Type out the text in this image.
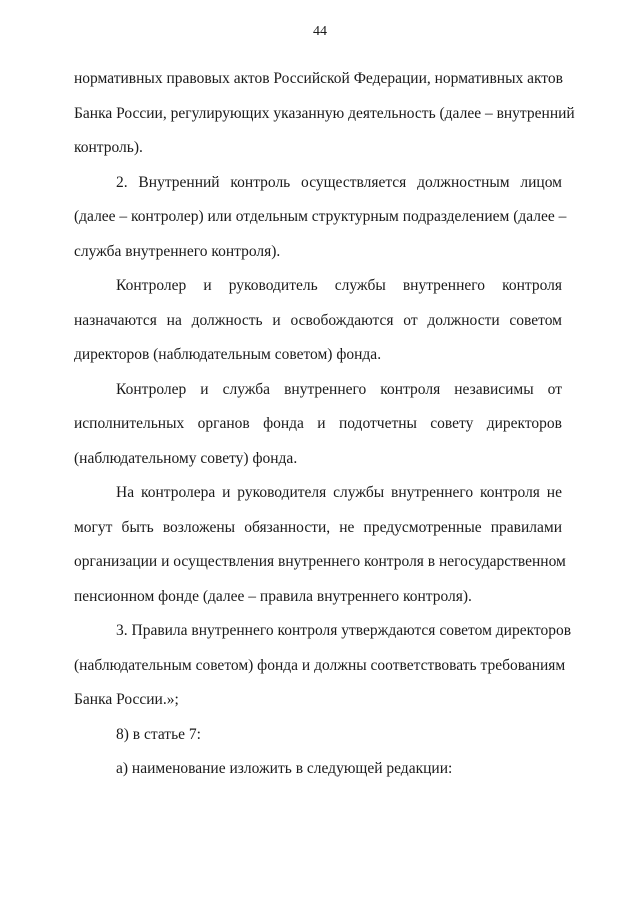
44
нормативных правовых актов Российской Федерации, нормативных актов
Банка России, регулирующих указанную деятельность (далее – внутренний
контроль).
2. Внутренний контроль осуществляется должностным лицом
(далее – контролер) или отдельным структурным подразделением (далее –
служба внутреннего контроля).
Контролер и руководитель службы внутреннего контроля
назначаются на должность и освобождаются от должности советом
директоров (наблюдательным советом) фонда.
Контролер и служба внутреннего контроля независимы от
исполнительных органов фонда и подотчетны совету директоров
(наблюдательному совету) фонда.
На контролера и руководителя службы внутреннего контроля не
могут быть возложены обязанности, не предусмотренные правилами
организации и осуществления внутреннего контроля в негосударственном
пенсионном фонде (далее – правила внутреннего контроля).
3. Правила внутреннего контроля утверждаются советом директоров
(наблюдательным советом) фонда и должны соответствовать требованиям
Банка России.»;
8) в статье 7:
а) наименование изложить в следующей редакции:
